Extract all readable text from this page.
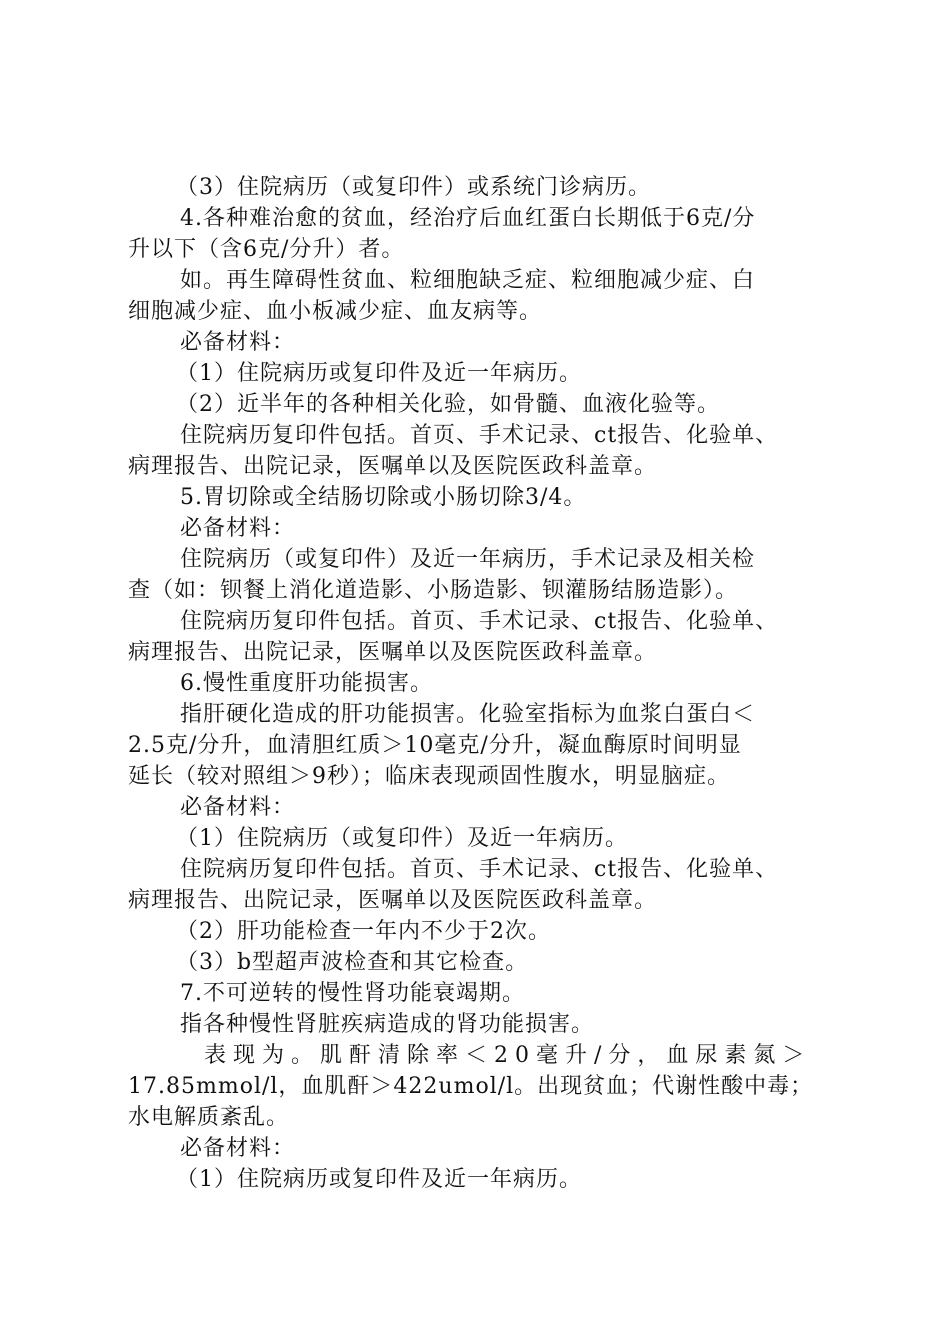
（3）住院病历（或复印件）或系统门诊病历。

4.各种难治愈的贫血，经治疗后血红蛋白长期低于6克/分

升以下（含6克/分升）者。

如。再生障碍性贫血、粒细胞缺乏症、粒细胞减少症、白

细胞减少症、血小板减少症、血友病等。

必备材料：

（1）住院病历或复印件及近一年病历。

（2）近半年的各种相关化验，如骨髓、血液化验等。

住院病历复印件包括。首页、手术记录、ct报告、化验单、

病理报告、出院记录，医嘱单以及医院医政科盖章。

5.胃切除或全结肠切除或小肠切除3/4。

必备材料：

住院病历（或复印件）及近一年病历，手术记录及相关检

查（如：钡餐上消化道造影、小肠造影、钡灌肠结肠造影）。

住院病历复印件包括。首页、手术记录、ct报告、化验单、

病理报告、出院记录，医嘱单以及医院医政科盖章。

6.慢性重度肝功能损害。

指肝硬化造成的肝功能损害。化验室指标为血浆白蛋白＜

2.5克/分升，血清胆红质＞10毫克/分升，凝血酶原时间明显

延长（较对照组＞9秒）；临床表现顽固性腹水，明显脑症。

必备材料：

（1）住院病历（或复印件）及近一年病历。

住院病历复印件包括。首页、手术记录、ct报告、化验单、

病理报告、出院记录，医嘱单以及医院医政科盖章。

（2）肝功能检查一年内不少于2次。

（3）b型超声波检查和其它检查。

7.不可逆转的慢性肾功能衰竭期。

指各种慢性肾脏疾病造成的肾功能损害。

表现为。肌酐清除率＜20毫升/分，血尿素氮＞

17.85mmol/l，血肌酐＞422umol/l。出现贫血；代谢性酸中毒；

水电解质紊乱。

必备材料：

（1）住院病历或复印件及近一年病历。
